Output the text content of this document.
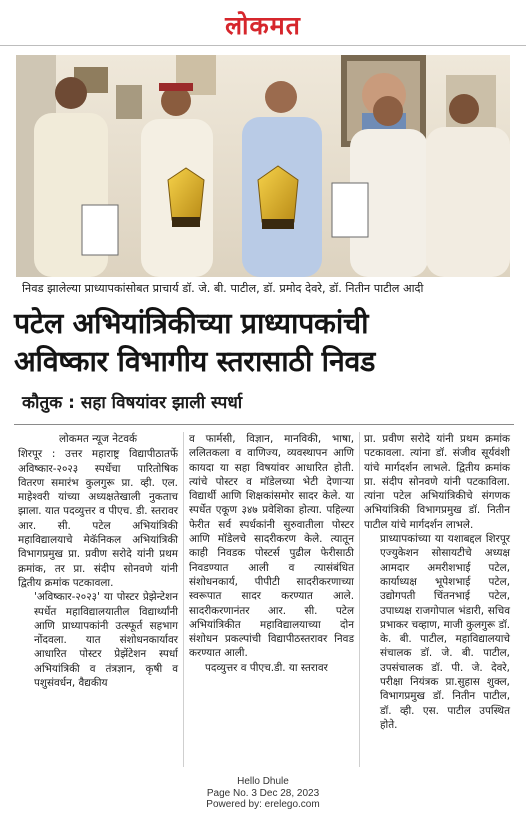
लोकमत
निवड झालेल्या प्राध्यापकांसोबत प्राचार्य डॉ. जे. बी. पाटील, डॉ. प्रमोद देवरे, डॉ. नितीन पाटील आदी
पटेल अभियांत्रिकीच्या प्राध्यापकांची
अविष्कार विभागीय स्तरासाठी निवड
कौतुक : सहा विषयांवर झाली स्पर्धा
लोकमत न्यूज नेटवर्क

शिरपूर : उत्तर महाराष्ट्र विद्यापीठातर्फे अविष्कार-२०२३ स्पर्धेचा पारितोषिक वितरण समारंभ कुलगुरू प्रा. व्ही. एल. माहेश्वरी यांच्या अध्यक्षतेखाली नुकताच झाला. यात पदव्युत्तर व पीएच. डी. स्तरावर आर. सी. पटेल अभियांत्रिकी महाविद्यालयाचे मेकॅनिकल अभियांत्रिकी विभागप्रमुख प्रा. प्रवीण सरोदे यांनी प्रथम क्रमांक, तर प्रा. संदीप सोनवणे यांनी द्वितीय क्रमांक पटकावला.

'अविष्कार-२०२३' या पोस्टर प्रेझेन्टेशन स्पर्धेत महाविद्यालयातील विद्यार्थ्यांनी आणि प्राध्यापकांनी उत्स्फूर्त सहभाग नोंदवला. यात संशोधनकार्यावर आधारित पोस्टर प्रेझेंटेशन स्पर्धा अभियांत्रिकी व तंत्रज्ञान, कृषी व पशुसंवर्धन, वैद्यकीय

व फार्मसी, विज्ञान, मानविकी, भाषा, ललितकला व वाणिज्य, व्यवस्थापन आणि कायदा या सहा विषयांवर आधारित होती. त्यांचे पोस्टर व मॉडेलच्या भेटी देणाऱ्या विद्यार्थी आणि शिक्षकांसमोर सादर केले. या स्पर्धेत एकूण ३४७ प्रवेशिका होत्या. पहिल्या फेरीत सर्व स्पर्धकांनी सुरुवातीला पोस्टर आणि मॉडेलचे सादरीकरण केले. त्यातून काही निवडक पोस्टर्स पुढील फेरीसाठी निवडण्यात आली व त्यासंबंधित संशोधनकार्य, पीपीटी सादरीकरणाच्या स्वरूपात सादर करण्यात आले. सादरीकरणानंतर आर. सी. पटेल अभियांत्रिकीत महाविद्यालयाच्या दोन संशोधन प्रकल्पांची विद्यापीठस्तरावर निवड करण्यात आली.

पदव्युत्तर व पीएच.डी. या स्तरावर

प्रा. प्रवीण सरोदे यांनी प्रथम क्रमांक पटकावला. त्यांना डॉ. संजीव सूर्यवंशी यांचे मार्गदर्शन लाभले. द्वितीय क्रमांक प्रा. संदीप सोनवणे यांनी पटकाविला. त्यांना पटेल अभियांत्रिकीचे संगणक अभियांत्रिकी विभागप्रमुख डॉ. नितीन पाटील यांचे मार्गदर्शन लाभले.

प्राध्यापकांच्या या यशाबद्दल शिरपूर एज्युकेशन सोसायटीचे अध्यक्ष आमदार अमरीशभाई पटेल, कार्याध्यक्ष भूपेशभाई पटेल, उद्योगपती चिंतनभाई पटेल, उपाध्यक्ष राजगोपाल भंडारी, सचिव प्रभाकर चव्हाण, माजी कुलगुरू डॉ. के. बी. पाटील, महाविद्यालयाचे संचालक डॉ. जे. बी. पाटील, उपसंचालक डॉ. पी. जे. देवरे, परीक्षा नियंत्रक प्रा.सुहास शुक्ल, विभागप्रमुख डॉ. नितीन पाटील, डॉ. व्ही. एस. पाटील उपस्थित होते.

Hello Dhule
Page No. 3 Dec 28, 2023
Powered by: erelego.com
